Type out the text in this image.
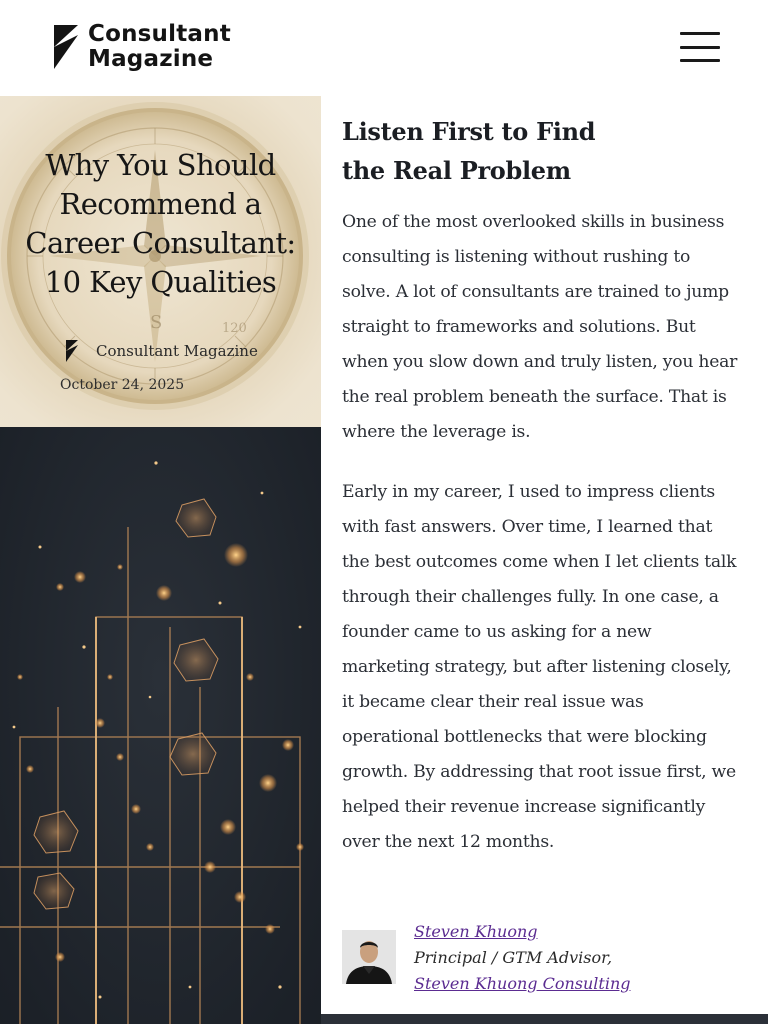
Consultant
Magazine
S	120
Why You Should
Recommend a
Career Consultant:
10 Key Qualities
Consultant Magazine
October 24, 2025
Listen First to Find
the Real Problem
One of the most overlooked skills in business
consulting is listening without rushing to
solve. A lot of consultants are trained to jump
straight to frameworks and solutions. But
when you slow down and truly listen, you hear
the real problem beneath the surface. That is
where the leverage is.
Early in my career, I used to impress clients
with fast answers. Over time, I learned that
the best outcomes come when I let clients talk
through their challenges fully. In one case, a
founder came to us asking for a new
marketing strategy, but after listening closely,
it became clear their real issue was
operational bottlenecks that were blocking
growth. By addressing that root issue first, we
helped their revenue increase significantly
over the next 12 months.
Steven Khuong
Principal / GTM Advisor,
Steven Khuong Consulting
